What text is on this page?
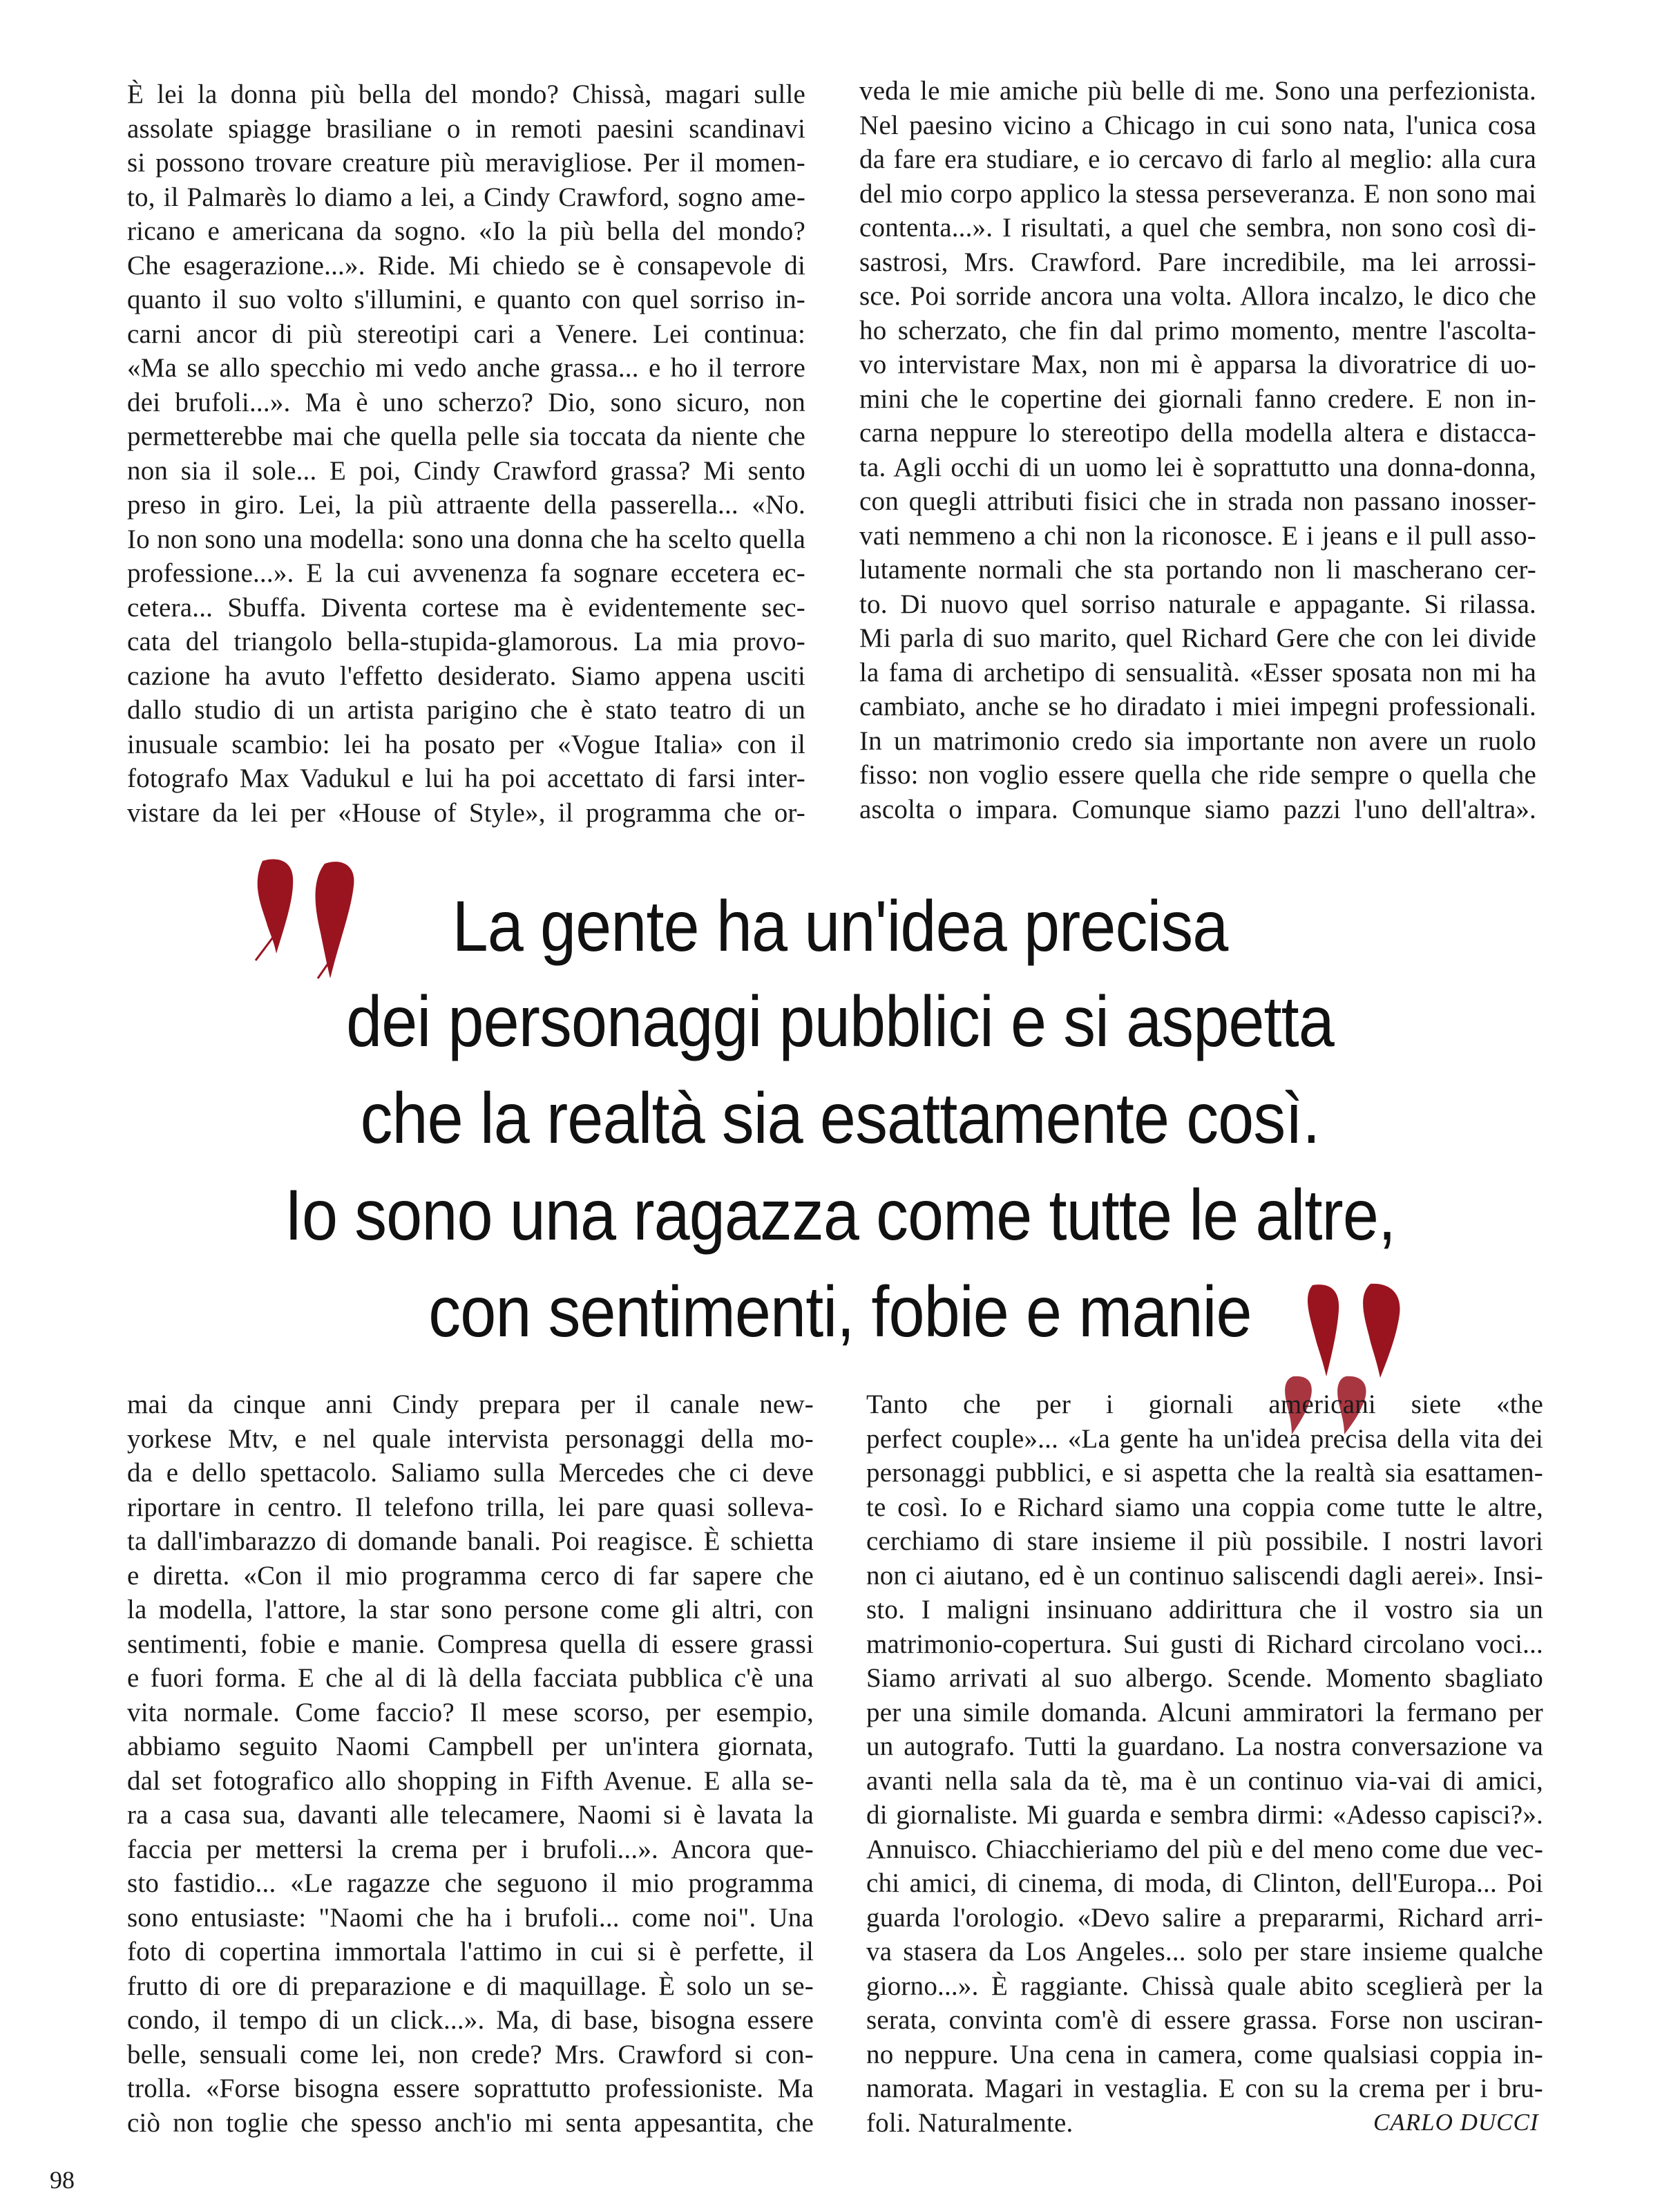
È lei la donna più bella del mondo? Chissà, magari sulle
assolate spiagge brasiliane o in remoti paesini scandinavi
si possono trovare creature più meravigliose. Per il momen-
to, il Palmarès lo diamo a lei, a Cindy Crawford, sogno ame-
ricano e americana da sogno. «Io la più bella del mondo?
Che esagerazione...». Ride. Mi chiedo se è consapevole di
quanto il suo volto s'illumini, e quanto con quel sorriso in-
carni ancor di più stereotipi cari a Venere. Lei continua:
«Ma se allo specchio mi vedo anche grassa... e ho il terrore
dei brufoli...». Ma è uno scherzo? Dio, sono sicuro, non
permetterebbe mai che quella pelle sia toccata da niente che
non sia il sole... E poi, Cindy Crawford grassa? Mi sento
preso in giro. Lei, la più attraente della passerella... «No.
Io non sono una modella: sono una donna che ha scelto quella
professione...». E la cui avvenenza fa sognare eccetera ec-
cetera... Sbuffa. Diventa cortese ma è evidentemente sec-
cata del triangolo bella-stupida-glamorous. La mia provo-
cazione ha avuto l'effetto desiderato. Siamo appena usciti
dallo studio di un artista parigino che è stato teatro di un
inusuale scambio: lei ha posato per «Vogue Italia» con il
fotografo Max Vadukul e lui ha poi accettato di farsi inter-
vistare da lei per «House of Style», il programma che or-
veda le mie amiche più belle di me. Sono una perfezionista.
Nel paesino vicino a Chicago in cui sono nata, l'unica cosa
da fare era studiare, e io cercavo di farlo al meglio: alla cura
del mio corpo applico la stessa perseveranza. E non sono mai
contenta...». I risultati, a quel che sembra, non sono così di-
sastrosi, Mrs. Crawford. Pare incredibile, ma lei arrossi-
sce. Poi sorride ancora una volta. Allora incalzo, le dico che
ho scherzato, che fin dal primo momento, mentre l'ascolta-
vo intervistare Max, non mi è apparsa la divoratrice di uo-
mini che le copertine dei giornali fanno credere. E non in-
carna neppure lo stereotipo della modella altera e distacca-
ta. Agli occhi di un uomo lei è soprattutto una donna-donna,
con quegli attributi fisici che in strada non passano inosser-
vati nemmeno a chi non la riconosce. E i jeans e il pull asso-
lutamente normali che sta portando non li mascherano cer-
to. Di nuovo quel sorriso naturale e appagante. Si rilassa.
Mi parla di suo marito, quel Richard Gere che con lei divide
la fama di archetipo di sensualità. «Esser sposata non mi ha
cambiato, anche se ho diradato i miei impegni professionali.
In un matrimonio credo sia importante non avere un ruolo
fisso: non voglio essere quella che ride sempre o quella che
ascolta o impara. Comunque siamo pazzi l'uno dell'altra».
La gente ha un'idea precisa
dei personaggi pubblici e si aspetta
che la realtà sia esattamente così.
Io sono una ragazza come tutte le altre,
con sentimenti, fobie e manie
mai da cinque anni Cindy prepara per il canale new-
yorkese Mtv, e nel quale intervista personaggi della mo-
da e dello spettacolo. Saliamo sulla Mercedes che ci deve
riportare in centro. Il telefono trilla, lei pare quasi solleva-
ta dall'imbarazzo di domande banali. Poi reagisce. È schietta
e diretta. «Con il mio programma cerco di far sapere che
la modella, l'attore, la star sono persone come gli altri, con
sentimenti, fobie e manie. Compresa quella di essere grassi
e fuori forma. E che al di là della facciata pubblica c'è una
vita normale. Come faccio? Il mese scorso, per esempio,
abbiamo seguito Naomi Campbell per un'intera giornata,
dal set fotografico allo shopping in Fifth Avenue. E alla se-
ra a casa sua, davanti alle telecamere, Naomi si è lavata la
faccia per mettersi la crema per i brufoli...». Ancora que-
sto fastidio... «Le ragazze che seguono il mio programma
sono entusiaste: "Naomi che ha i brufoli... come noi". Una
foto di copertina immortala l'attimo in cui si è perfette, il
frutto di ore di preparazione e di maquillage. È solo un se-
condo, il tempo di un click...». Ma, di base, bisogna essere
belle, sensuali come lei, non crede? Mrs. Crawford si con-
trolla. «Forse bisogna essere soprattutto professioniste. Ma
ciò non toglie che spesso anch'io mi senta appesantita, che
Tanto che per i giornali americani siete «the
perfect couple»... «La gente ha un'idea precisa della vita dei
personaggi pubblici, e si aspetta che la realtà sia esattamen-
te così. Io e Richard siamo una coppia come tutte le altre,
cerchiamo di stare insieme il più possibile. I nostri lavori
non ci aiutano, ed è un continuo saliscendi dagli aerei». Insi-
sto. I maligni insinuano addirittura che il vostro sia un
matrimonio-copertura. Sui gusti di Richard circolano voci...
Siamo arrivati al suo albergo. Scende. Momento sbagliato
per una simile domanda. Alcuni ammiratori la fermano per
un autografo. Tutti la guardano. La nostra conversazione va
avanti nella sala da tè, ma è un continuo via-vai di amici,
di giornaliste. Mi guarda e sembra dirmi: «Adesso capisci?».
Annuisco. Chiacchieriamo del più e del meno come due vec-
chi amici, di cinema, di moda, di Clinton, dell'Europa... Poi
guarda l'orologio. «Devo salire a prepararmi, Richard arri-
va stasera da Los Angeles... solo per stare insieme qualche
giorno...». È raggiante. Chissà quale abito sceglierà per la
serata, convinta com'è di essere grassa. Forse non usciran-
no neppure. Una cena in camera, come qualsiasi coppia in-
namorata. Magari in vestaglia. E con su la crema per i bru-
foli. Naturalmente.	CARLO DUCCI
98
